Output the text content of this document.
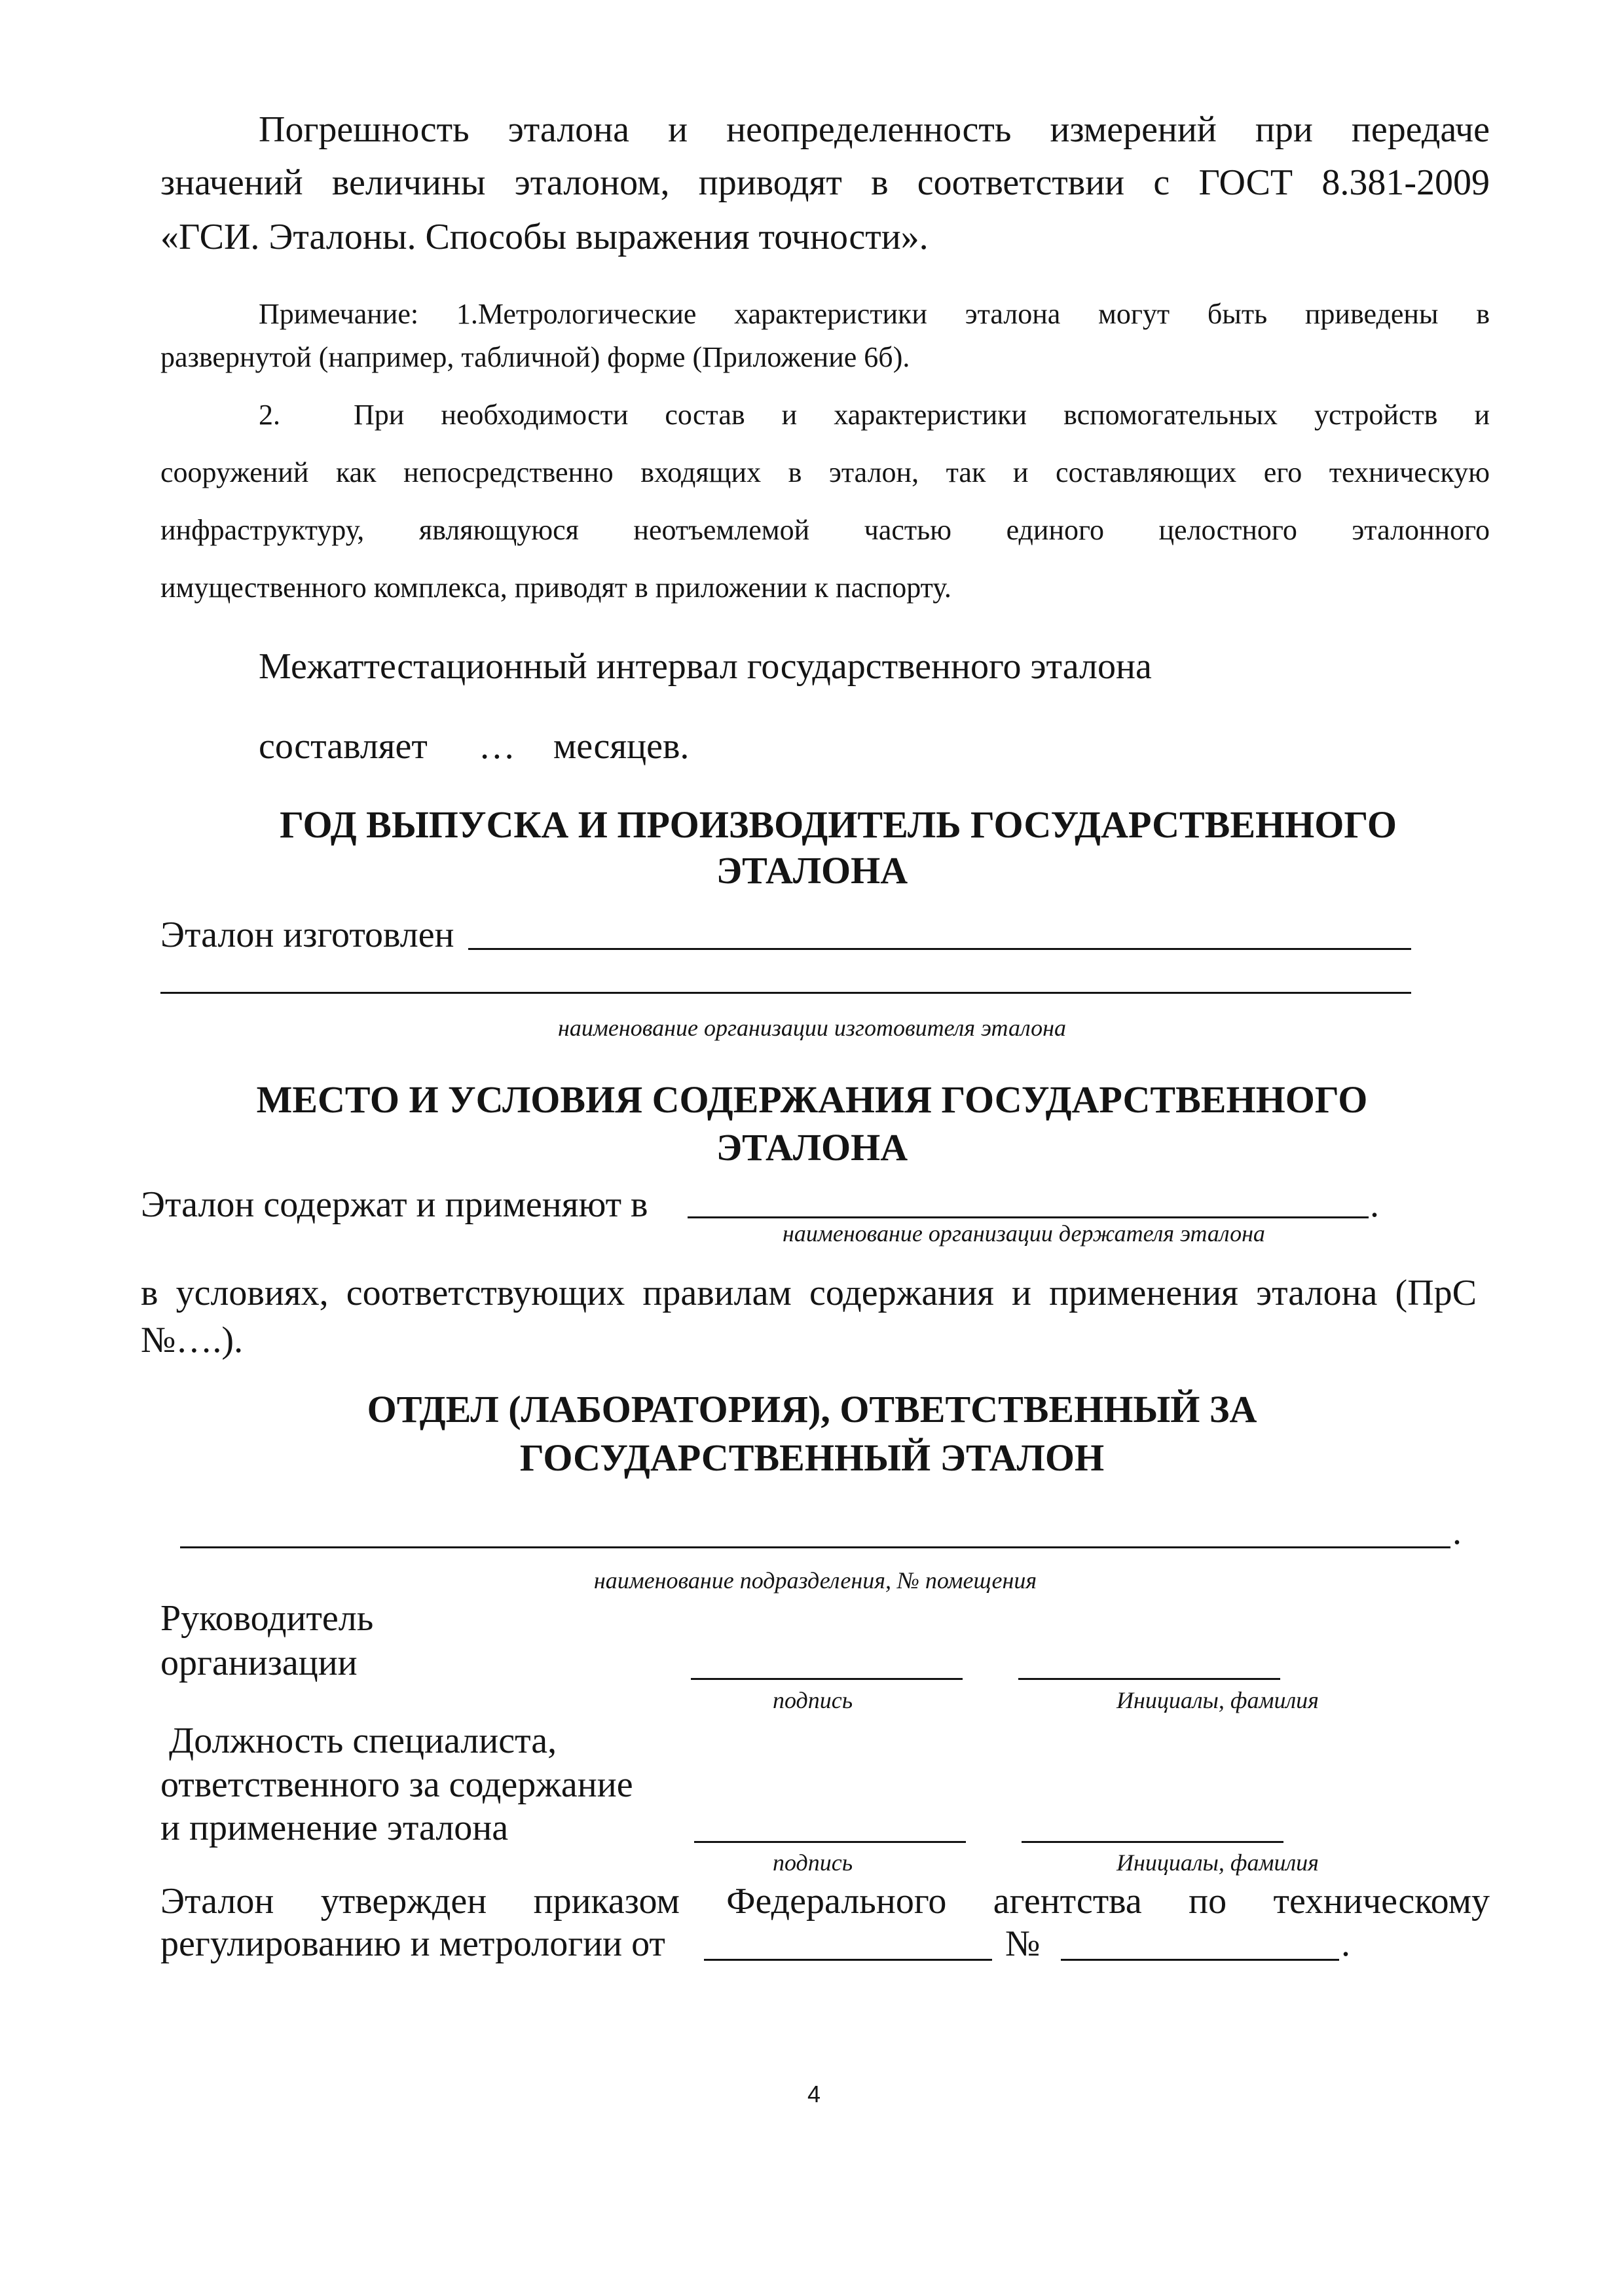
Погрешность эталона и неопределенность измерений при передаче
значений величины эталоном, приводят в соответствии с ГОСТ 8.381-2009
«ГСИ. Эталоны. Способы выражения точности».
Примечание: 1.Метрологические характеристики эталона могут быть приведены в
развернутой (например, табличной) форме (Приложение 6б).
2.	При необходимости состав и характеристики вспомогательных устройств и
сооружений как непосредственно входящих в эталон, так и составляющих его техническую
инфраструктуру, являющуюся неотъемлемой частью единого целостного эталонного
имущественного комплекса, приводят в приложении к паспорту.
Межаттестационный интервал государственного эталона
составляет … месяцев.
ГОД ВЫПУСКА И ПРОИЗВОДИТЕЛЬ ГОСУДАРСТВЕННОГО
ЭТАЛОНА
Эталон изготовлен
наименование организации изготовителя эталона
МЕСТО И УСЛОВИЯ СОДЕРЖАНИЯ ГОСУДАРСТВЕННОГО
ЭТАЛОНА
Эталон содержат и применяют в	.
наименование организации держателя эталона
в условиях, соответствующих правилам содержания и применения эталона (ПрС
№….).
ОТДЕЛ (ЛАБОРАТОРИЯ), ОТВЕТСТВЕННЫЙ ЗА
ГОСУДАРСТВЕННЫЙ ЭТАЛОН
.
наименование подразделения, № помещения
Руководитель
организации
подпись	Инициалы, фамилия
Должность специалиста,
ответственного за содержание
и применение эталона
подпись	Инициалы, фамилия
Эталон утвержден приказом Федерального агентства по техническому
регулированию и метрологии от	№	.
4
